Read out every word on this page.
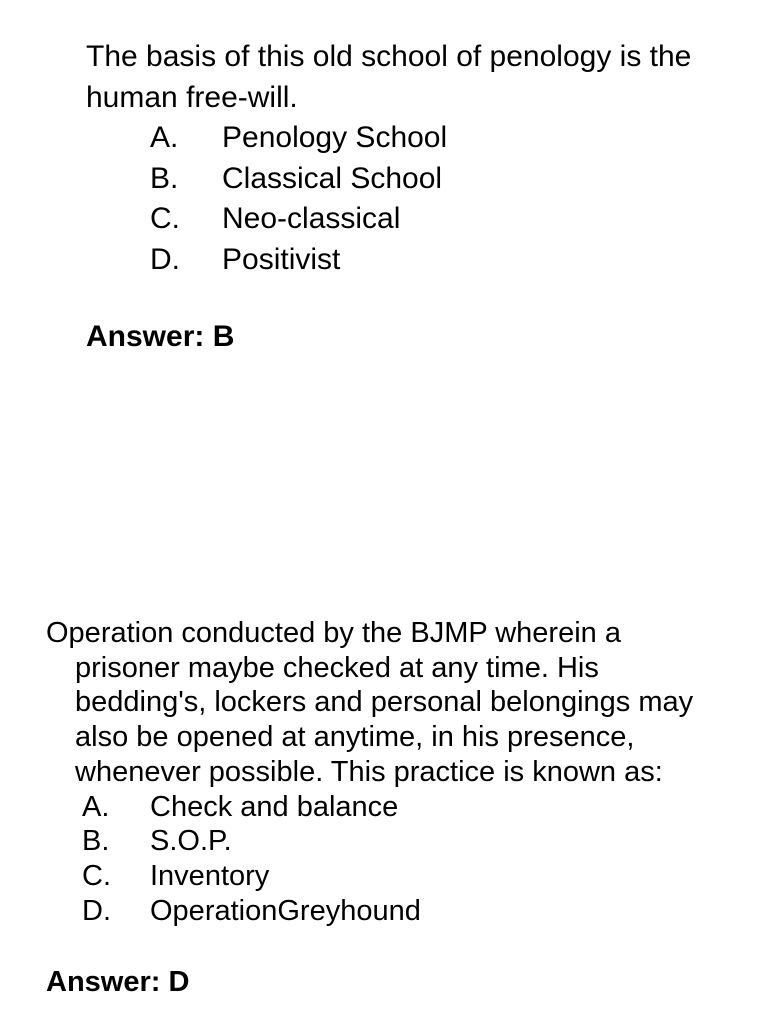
The basis of this old school of penology is the human free-will.

A.	Penology School
B.	Classical School
C.	Neo-classical
D.	Positivist
Answer: B

Operation conducted by the BJMP wherein a prisoner maybe checked at any time. His bedding's, lockers and personal belongings may also be opened at anytime, in his presence, whenever possible. This practice is known as:

A.	Check and balance
B.	S.O.P.
C.	Inventory
D.	OperationGreyhound
Answer: D
